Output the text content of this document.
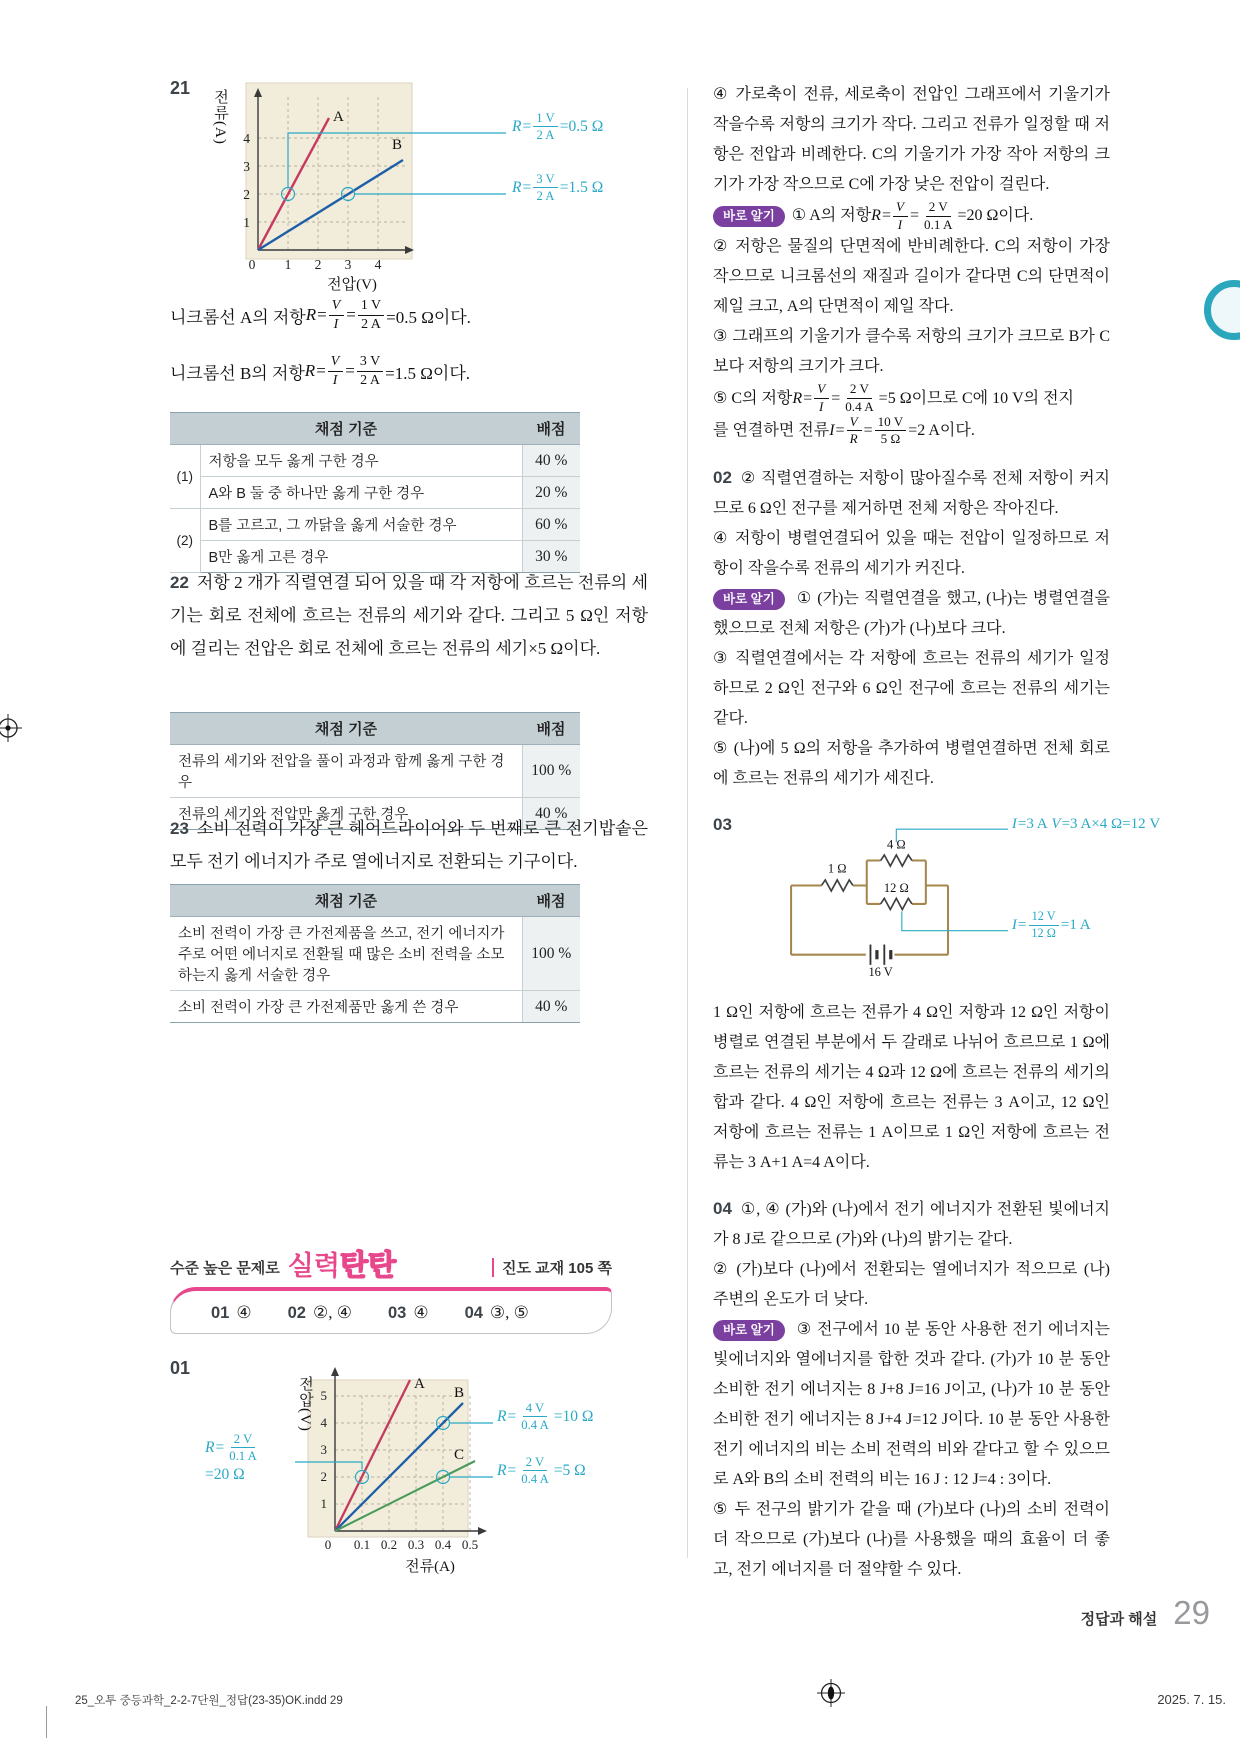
21
A
B
0 1 2 3 4
1
2
3
4
전압(V)
전류(A)	$R = \frac{1 V}{2 A} =0.5$ Ω
$R = \frac{3 V}{2 A} =1.5$ Ω
니크롬선 A의 저항 $R = \frac{V}{I} = \frac{1 V}{2 A} =0.5$ Ω이다.
니크롬선 B의 저항 $R = \frac{V}{I} = \frac{3 V}{2 A} =1.5$ Ω이다.
채점 기준		배점
(1)	저항을 모두 옳게 구한 경우	40 %
	A와 B 둘 중 하나만 옳게 구한 경우	20 %
(2)	B를 고르고, 그 까닭을 옳게 서술한 경우	60 %
	B만 옳게 고른 경우	30 %

22 저항 2 개가 직렬연결 되어 있을 때 각 저항에 흐르는 전류의 세기는 회로 전체에 흐르는 전류의 세기와 같다. 그리고 5 Ω인 저항에 걸리는 전압은 회로 전체에 흐르는 전류의 세기×5 Ω이다.

채점 기준	배점
전류의 세기와 전압을 풀이 과정과 함께 옳게 구한 경우	100 %
전류의 세기와 전압만 옳게 구한 경우	40 %

23 소비 전력이 가장 큰 헤어드라이어와 두 번째로 큰 전기밥솥은 모두 전기 에너지가 주로 열에너지로 전환되는 기구이다.

채점 기준	배점
소비 전력이 가장 큰 가전제품을 쓰고, 전기 에너지가 주로 어떤 에너지로 전환될 때 많은 소비 전력을 소모하는지 옳게 서술한 경우	100 %
소비 전력이 가장 큰 가전제품만 옳게 쓴 경우	40 %
수준 높은 문제로 실력탄탄	진도 교재 105 쪽
01 ④ 02 ②, ④ 03 ④ 04 ③, ⑤
01
A
B
C
0 0.1 0.2 0.3 0.4 0.5
1
2
3
4
5
전류(A)
전압(V)
$R = \frac{2 V}{0.1 A}$

=20 Ω
$R = \frac{4 V}{0.4 A} =10$ Ω
$R = \frac{2 V}{0.4 A} =5$ Ω

④ 가로축이 전류, 세로축이 전압인 그래프에서 기울기가 작을수록 저항의 크기가 작다. 그리고 전류가 일정할 때 저항은 전압과 비례한다. C의 기울기가 가장 작아 저항의 크기가 가장 작으므로 C에 가장 낮은 전압이 걸린다.

바로 알기	① A의 저항 $R = \frac{V}{I} = \frac{2 V}{0.1 A} =20$ Ω이다.

② 저항은 물질의 단면적에 반비례한다. C의 저항이 가장 작으므로 니크롬선의 재질과 길이가 같다면 C의 단면적이 제일 크고, A의 단면적이 제일 작다.

③ 그래프의 기울기가 클수록 저항의 크기가 크므로 B가 C보다 저항의 크기가 크다.

⑤ C의 저항 $R = \frac{V}{I} = \frac{2 V}{0.4 A} =5$ Ω이므로 C에 10 V의 전지

를 연결하면 전류 $I = \frac{V}{R} = \frac{10 V}{5 \Omega} =2$ A이다.

02 ② 직렬연결하는 저항이 많아질수록 전체 저항이 커지므로 6 Ω인 전구를 제거하면 전체 저항은 작아진다.

④ 저항이 병렬연결되어 있을 때는 전압이 일정하므로 저항이 작을수록 전류의 세기가 커진다.

바로 알기 ① (가)는 직렬연결을 했고, (나)는 병렬연결을 했으므로 전체 저항은 (가)가 (나)보다 크다.

③ 직렬연결에서는 각 저항에 흐르는 전류의 세기가 일정하므로 2 Ω인 전구와 6 Ω인 전구에 흐르는 전류의 세기는 같다.

⑤ (나)에 5 Ω의 저항을 추가하여 병렬연결하면 전체 회로에 흐르는 전류의 세기가 세진다.

03
1 Ω
4 Ω
12 Ω
16 V
I =3 A
V =3 A×4 Ω=12 V
$I = \frac{12 V}{12 \Omega} =1$ A

1 Ω인 저항에 흐르는 전류가 4 Ω인 저항과 12 Ω인 저항이 병렬로 연결된 부분에서 두 갈래로 나뉘어 흐르므로 1 Ω에 흐르는 전류의 세기는 4 Ω과 12 Ω에 흐르는 전류의 세기의 합과 같다. 4 Ω인 저항에 흐르는 전류는 3 A이고, 12 Ω인 저항에 흐르는 전류는 1 A이므로 1 Ω인 저항에 흐르는 전류는 3 A+1 A=4 A이다.

04 ①, ④ (가)와 (나)에서 전기 에너지가 전환된 빛에너지가 8 J로 같으므로 (가)와 (나)의 밝기는 같다.

② (가)보다 (나)에서 전환되는 열에너지가 적으므로 (나) 주변의 온도가 더 낮다.

바로 알기 ③ 전구에서 10 분 동안 사용한 전기 에너지는 빛에너지와 열에너지를 합한 것과 같다. (가)가 10 분 동안 소비한 전기 에너지는 8 J+8 J=16 J이고, (나)가 10 분 동안 소비한 전기 에너지는 8 J+4 J=12 J이다. 10 분 동안 사용한 전기 에너지의 비는 소비 전력의 비와 같다고 할 수 있으므로 A와 B의 소비 전력의 비는 16 J : 12 J=4 : 3이다.

⑤ 두 전구의 밝기가 같을 때 (가)보다 (나)의 소비 전력이 더 작으므로 (가)보다 (나)를 사용했을 때의 효율이 더 좋고, 전기 에너지를 더 절약할 수 있다.

정답과 해설 29
25_오투 중등과학_2-2-7단원_정답(23-35)OK.indd 29	2025. 7. 15.
